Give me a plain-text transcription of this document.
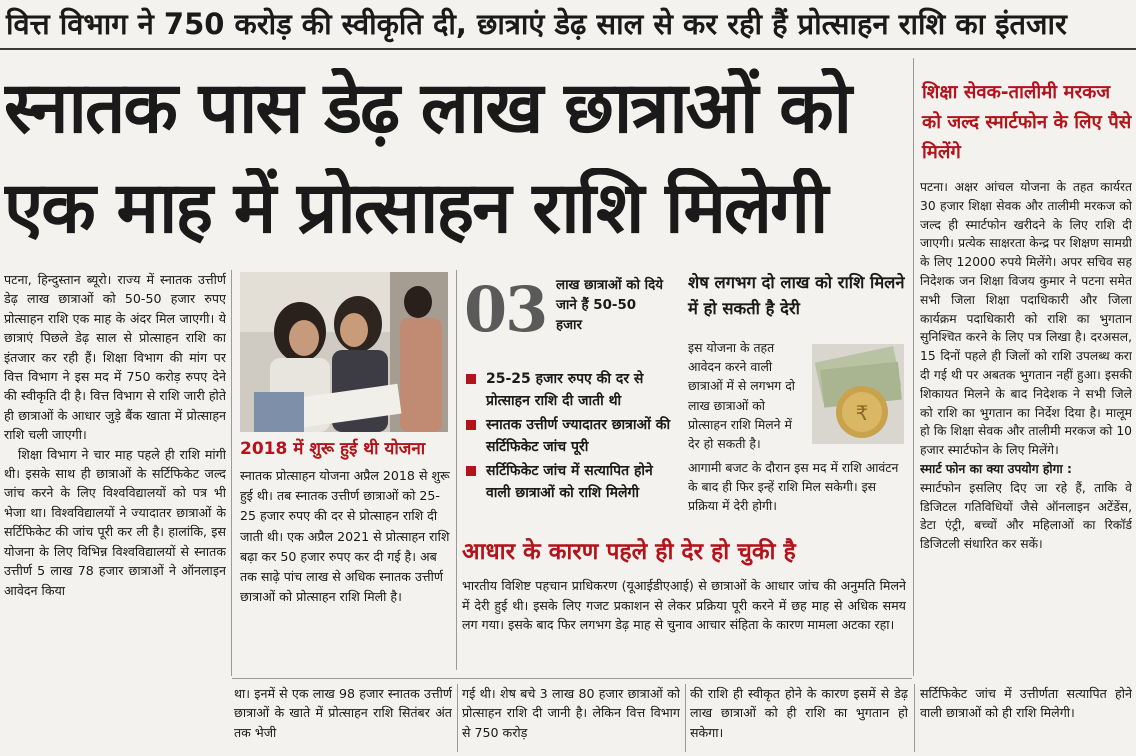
वित्त विभाग ने 750 करोड़ की स्वीकृति दी, छात्राएं डेढ़ साल से कर रही हैं प्रोत्साहन राशि का इंतजार
स्नातक पास डेढ़ लाख छात्राओं को
एक माह में प्रोत्साहन राशि मिलेगी
शिक्षा सेवक-तालीमी मरकज को जल्द स्मार्टफोन के लिए पैसे मिलेंगे

पटना। अक्षर आंचल योजना के तहत कार्यरत 30 हजार शिक्षा सेवक और तालीमी मरकज को जल्द ही स्मार्टफोन खरीदने के लिए राशि दी जाएगी। प्रत्येक साक्षरता केन्द्र पर शिक्षण सामग्री के लिए 12000 रुपये मिलेंगे। अपर सचिव सह निदेशक जन शिक्षा विजय कुमार ने पटना समेत सभी जिला शिक्षा पदाधिकारी और जिला कार्यक्रम पदाधिकारी को राशि का भुगतान सुनिश्चित करने के लिए पत्र लिखा है। दरअसल, 15 दिनों पहले ही जिलों को राशि उपलब्ध करा दी गई थी पर अबतक भुगतान नहीं हुआ। इसकी शिकायत मिलने के बाद निदेशक ने सभी जिले को राशि का भुगतान का निर्देश दिया है। मालूम हो कि शिक्षा सेवक और तालीमी मरकज को 10 हजार स्मार्टफोन के लिए मिलेंगे।

स्मार्ट फोन का क्या उपयोग होगा :

स्मार्टफोन इसलिए दिए जा रहे हैं, ताकि वे डिजिटल गतिविधियों जैसे ऑनलाइन अटेंडेंस, डेटा एंट्री, बच्चों और महिलाओं का रिकॉर्ड डिजिटली संधारित कर सकें।

पटना, हिन्दुस्तान ब्यूरो। राज्य में स्नातक उत्तीर्ण डेढ़ लाख छात्राओं को 50-50 हजार रुपए प्रोत्साहन राशि एक माह के अंदर मिल जाएगी। ये छात्राएं पिछले डेढ़ साल से प्रोत्साहन राशि का इंतजार कर रही हैं। शिक्षा विभाग की मांग पर वित्त विभाग ने इस मद में 750 करोड़ रुपए देने की स्वीकृति दी है। वित्त विभाग से राशि जारी होते ही छात्राओं के आधार जुड़े बैंक खाता में प्रोत्साहन राशि चली जाएगी।

शिक्षा विभाग ने चार माह पहले ही राशि मांगी थी। इसके साथ ही छात्राओं के सर्टिफिकेट जल्द जांच करने के लिए विश्वविद्यालयों को पत्र भी भेजा था। विश्वविद्यालयों ने ज्यादातर छात्राओं के सर्टिफिकेट की जांच पूरी कर ली है। हालांकि, इस योजना के लिए विभिन्न विश्वविद्यालयों से स्नातक उत्तीर्ण 5 लाख 78 हजार छात्राओं ने ऑनलाइन आवेदन किया

2018 में शुरू हुई थी योजना
स्नातक प्रोत्साहन योजना अप्रैल 2018 से शुरू हुई थी। तब स्नातक उत्तीर्ण छात्राओं को 25-25 हजार रुपए की दर से प्रोत्साहन राशि दी जाती थी। एक अप्रैल 2021 से प्रोत्साहन राशि बढ़ा कर 50 हजार रुपए कर दी गई है। अब तक साढ़े पांच लाख से अधिक स्नातक उत्तीर्ण छात्राओं को प्रोत्साहन राशि मिली है।
03 लाख छात्राओं को दिये जाने हैं 50-50 हजार
25-25 हजार रुपए की दर से प्रोत्साहन राशि दी जाती थी
स्नातक उत्तीर्ण ज्यादातर छात्राओं की सर्टिफिकेट जांच पूरी
सर्टिफिकेट जांच में सत्यापित होने वाली छात्राओं को राशि मिलेगी
शेष लगभग दो लाख को राशि मिलने में हो सकती है देरी
इस योजना के तहत आवेदन करने वाली छात्राओं में से लगभग दो लाख छात्राओं को प्रोत्साहन राशि मिलने में देर हो सकती है।
₹
आगामी बजट के दौरान इस मद में राशि आवंटन के बाद ही फिर इन्हें राशि मिल सकेगी। इस प्रक्रिया में देरी होगी।
आधार के कारण पहले ही देर हो चुकी है
भारतीय विशिष्ट पहचान प्राधिकरण (यूआईडीएआई) से छात्राओं के आधार जांच की अनुमति मिलने में देरी हुई थी। इसके लिए गजट प्रकाशन से लेकर प्रक्रिया पूरी करने में छह माह से अधिक समय लग गया। इसके बाद फिर लगभग डेढ़ माह से चुनाव आचार संहिता के कारण मामला अटका रहा।
था। इनमें से एक लाख 98 हजार स्नातक उत्तीर्ण छात्राओं के खाते में प्रोत्साहन राशि सितंबर अंत तक भेजी
गई थी। शेष बचे 3 लाख 80 हजार छात्राओं को प्रोत्साहन राशि दी जानी है। लेकिन वित्त विभाग से 750 करोड़
की राशि ही स्वीकृत होने के कारण इसमें से डेढ़ लाख छात्राओं को ही राशि का भुगतान हो सकेगा।
सर्टिफिकेट जांच में उत्तीर्णता सत्यापित होने वाली छात्राओं को ही राशि मिलेगी।
